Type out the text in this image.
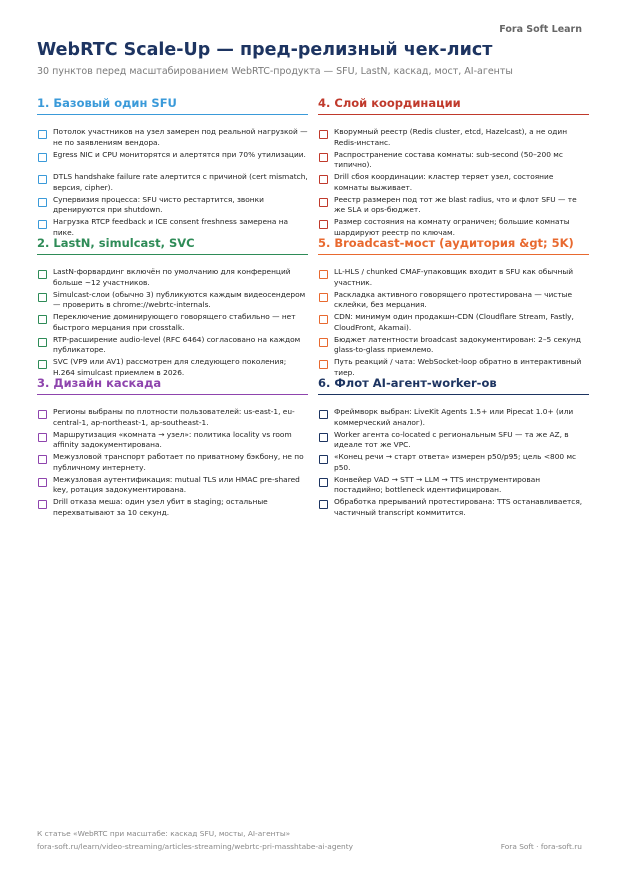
Fora Soft Learn
WebRTC Scale-Up — пред-релизный чек-лист
30 пунктов перед масштабированием WebRTC-продукта — SFU, LastN, каскад, мост, AI-агенты
1. Базовый один SFU
Потолок участников на узел замерен под реальной нагрузкой — не по заявлениям вендора.
Egress NIC и CPU мониторятся и алертятся при 70% утилизации.
DTLS handshake failure rate алертится с причиной (cert mismatch, версия, cipher).
Супервизия процесса: SFU чисто рестартится, звонки дренируются при shutdown.
Нагрузка RTCP feedback и ICE consent freshness замерена на пике.
2. LastN, simulcast, SVC
LastN-форвардинг включён по умолчанию для конференций больше ~12 участников.
Simulcast-слои (обычно 3) публикуются каждым видеосендером — проверить в chrome://webrtc-internals.
Переключение доминирующего говорящего стабильно — нет быстрого мерцания при crosstalk.
RTP-расширение audio-level (RFC 6464) согласовано на каждом публикаторе.
SVC (VP9 или AV1) рассмотрен для следующего поколения; H.264 simulcast приемлем в 2026.
3. Дизайн каскада
Регионы выбраны по плотности пользователей: us-east-1, eu-central-1, ap-northeast-1, ap-southeast-1.
Маршрутизация «комната → узел»: политика locality vs room affinity задокументирована.
Межузловой транспорт работает по приватному бэкбону, не по публичному интернету.
Межузловая аутентификация: mutual TLS или HMAC pre-shared key, ротация задокументирована.
Drill отказа меша: один узел убит в staging; остальные перехватывают за 10 секунд.
4. Слой координации
Кворумный реестр (Redis cluster, etcd, Hazelcast), а не один Redis-инстанс.
Распространение состава комнаты: sub-second (50–200 мс типично).
Drill сбоя координации: кластер теряет узел, состояние комнаты выживает.
Реестр размерен под тот же blast radius, что и флот SFU — те же SLA и ops-бюджет.
Размер состояния на комнату ограничен; большие комнаты шардируют реестр по ключам.
5. Broadcast-мост (аудитория &gt; 5K)
LL-HLS / chunked CMAF-упаковщик входит в SFU как обычный участник.
Раскладка активного говорящего протестирована — чистые склейки, без мерцания.
CDN: минимум один продакшн-CDN (Cloudflare Stream, Fastly, CloudFront, Akamai).
Бюджет латентности broadcast задокументирован: 2–5 секунд glass-to-glass приемлемо.
Путь реакций / чата: WebSocket-loop обратно в интерактивный тиер.
6. Флот AI-агент-worker-ов
Фреймворк выбран: LiveKit Agents 1.5+ или Pipecat 1.0+ (или коммерческий аналог).
Worker агента co-located с региональным SFU — та же AZ, в идеале тот же VPC.
«Конец речи → старт ответа» измерен p50/p95; цель <800 мс p50.
Конвейер VAD → STT → LLM → TTS инструментирован постадийно; bottleneck идентифицирован.
Обработка прерываний протестирована: TTS останавливается, частичный transcript коммитится.
К статье «WebRTC при масштабе: каскад SFU, мосты, AI-агенты»
fora-soft.ru/learn/video-streaming/articles-streaming/webrtc-pri-masshtabe-ai-agenty	Fora Soft · fora-soft.ru
